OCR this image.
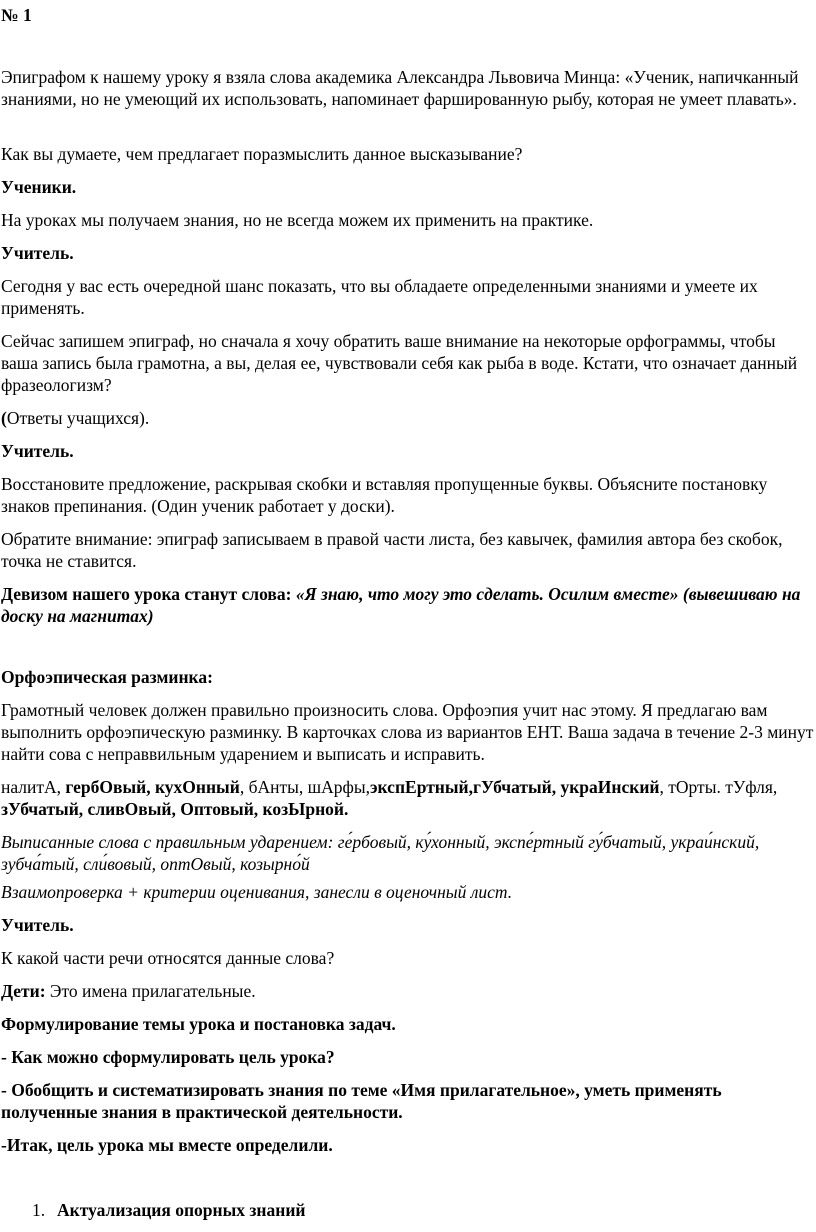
№ 1

Эпиграфом к нашему уроку я взяла слова академика Александра Львовича Минца: «Ученик, напичканный знаниями, но не умеющий их использовать, напоминает фаршированную рыбу, которая не умеет плавать».

Как вы думаете, чем предлагает поразмыслить данное высказывание?

Ученики.

На уроках мы получаем знания, но не всегда можем их применить на практике.

Учитель.

Сегодня у вас есть очередной шанс показать, что вы обладаете определенными знаниями и умеете их применять.

Сейчас запишем эпиграф, но сначала я хочу обратить ваше внимание на некоторые орфограммы, чтобы ваша запись была грамотна, а вы, делая ее, чувствовали себя как рыба в воде. Кстати, что означает данный фразеологизм?

(Ответы учащихся).

Учитель.

Восстановите предложение, раскрывая скобки и вставляя пропущенные буквы. Объясните постановку знаков препинания. (Один ученик работает у доски).

Обратите внимание: эпиграф записываем в правой части листа, без кавычек, фамилия автора без скобок, точка не ставится.

Девизом нашего урока станут слова: «Я знаю, что могу это сделать. Осилим вместе» (вывешиваю на доску на магнитах)

Орфоэпическая разминка:

Грамотный человек должен правильно произносить слова. Орфоэпия учит нас этому. Я предлагаю вам выполнить орфоэпическую разминку. В карточках слова из вариантов ЕНТ. Ваша задача в течение 2-3 минут найти сова с неправвильным ударением и выписать и исправить.

налитА, гербОвый, кухОнный, бАнты, шАрфы,экспЕртный,гУбчатый, украИнский, тОрты. тУфля, зУбчатый, сливОвый, Оптовый, козЫрной.

Выписанные слова с правильным ударением: ге́рбовый, ку́хонный, экспе́ртный гу́бчатый, украи́нский, зубча́тый, сли́вовый, оптОвый, козырно́й

Взаимопроверка + критерии оценивания, занесли в оценочный лист.

Учитель.

К какой части речи относятся данные слова?

Дети: Это имена прилагательные.

Формулирование темы урока и постановка задач.

- Как можно сформулировать цель урока?

- Обобщить и систематизировать знания по теме «Имя прилагательное», уметь применять полученные знания в практической деятельности.

-Итак, цель урока мы вместе определили.

1. Актуализация опорных знаний
